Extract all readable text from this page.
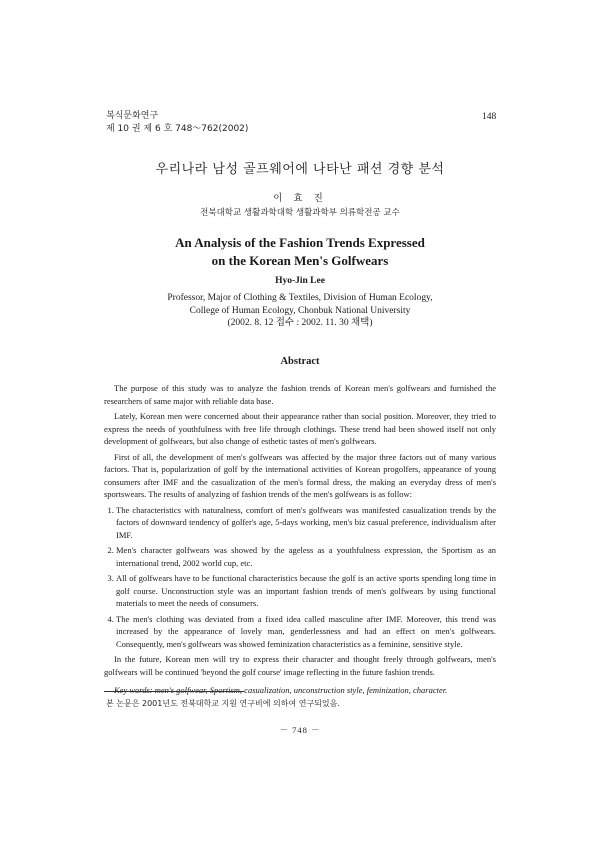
복식문화연구
제 10 권 제 6 호 748～762(2002)
148
우리나라 남성 골프웨어에 나타난 패션 경향 분석
이 효 진
전북대학교 생활과학대학 생활과학부 의류학전공 교수
An Analysis of the Fashion Trends Expressed
on the Korean Men's Golfwears
Hyo-Jin Lee
Professor, Major of Clothing & Textiles, Division of Human Ecology,
College of Human Ecology, Chonbuk National University
(2002. 8. 12 접수 : 2002. 11. 30 채택)
Abstract

The purpose of this study was to analyze the fashion trends of Korean men's golfwears and furnished the researchers of same major with reliable data base.

Lately, Korean men were concerned about their appearance rather than social position. Moreover, they tried to express the needs of youthfulness with free life through clothings. These trend had been showed itself not only development of golfwears, but also change of esthetic tastes of men's golfwears.

First of all, the development of men's golfwears was affected by the major three factors out of many various factors. That is, popularization of golf by the international activities of Korean progolfers, appearance of young consumers after IMF and the casualization of the men's formal dress, the making an everyday dress of men's sportswears. The results of analyzing of fashion trends of the men's golfwears is as follow:

1. The characteristics with naturalness, comfort of men's golfwears was manifested casualization trends by the factors of downward tendency of golfer's age, 5-days working, men's biz casual preference, individualism after IMF.
2. Men's character golfwears was showed by the ageless as a youthfulness expression, the Sportism as an international trend, 2002 world cup, etc.
3. All of golfwears have to be functional characteristics because the golf is an active sports spending long time in golf course. Unconstruction style was an important fashion trends of men's golfwears by using functional materials to meet the needs of consumers.
4. The men's clothing was deviated from a fixed idea called masculine after IMF. Moreover, this trend was increased by the appearance of lovely man, genderlessness and had an effect on men's golfwears. Consequently, men's golfwears was showed feminization characteristics as a feminine, sensitive style.

In the future, Korean men will try to express their character and thought freely through golfwears, men's golfwears will be continued 'beyond the golf course' image reflecting in the future fashion trends.

Key words: men's golfwear, Sportism, casualization, unconstruction style, feminization, character.

본 논문은 2001년도 전북대학교 지원 연구비에 의하여 연구되었음.
－ 748 －
